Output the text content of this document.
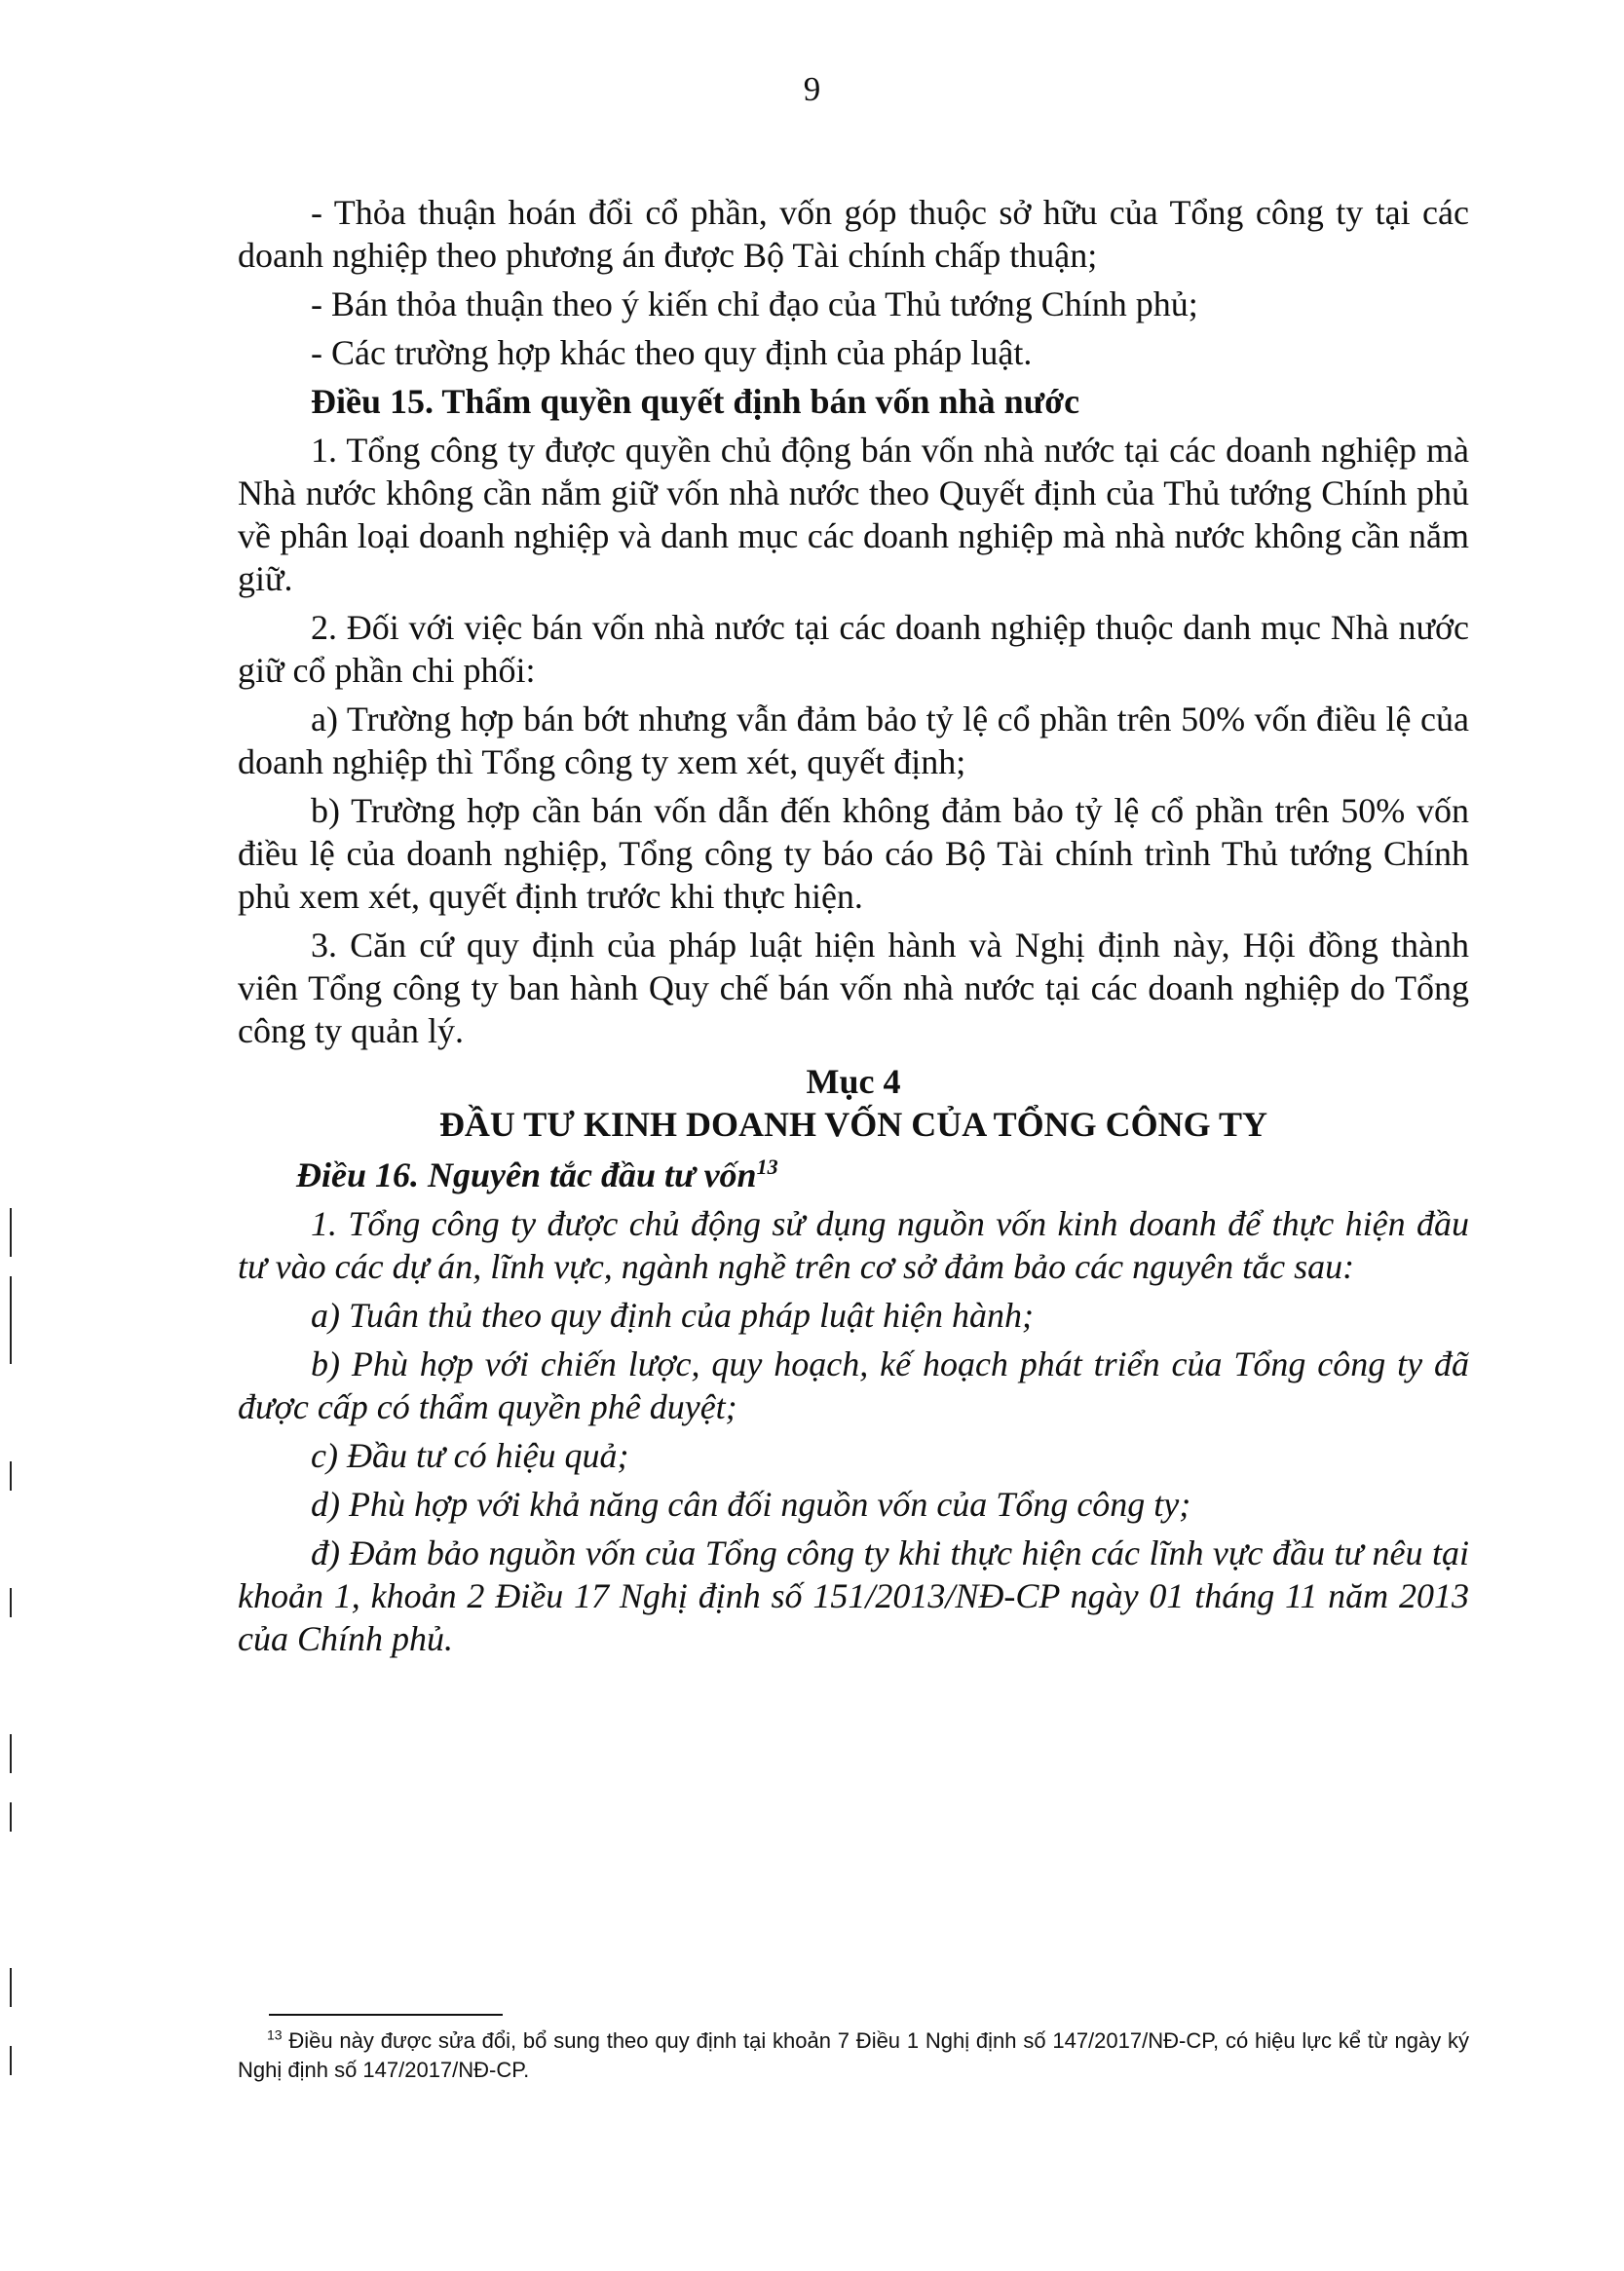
9

- Thỏa thuận hoán đổi cổ phần, vốn góp thuộc sở hữu của Tổng công ty tại các doanh nghiệp theo phương án được Bộ Tài chính chấp thuận;

- Bán thỏa thuận theo ý kiến chỉ đạo của Thủ tướng Chính phủ;

- Các trường hợp khác theo quy định của pháp luật.

Điều 15. Thẩm quyền quyết định bán vốn nhà nước

1. Tổng công ty được quyền chủ động bán vốn nhà nước tại các doanh nghiệp mà Nhà nước không cần nắm giữ vốn nhà nước theo Quyết định của Thủ tướng Chính phủ về phân loại doanh nghiệp và danh mục các doanh nghiệp mà nhà nước không cần nắm giữ.

2. Đối với việc bán vốn nhà nước tại các doanh nghiệp thuộc danh mục Nhà nước giữ cổ phần chi phối:

a) Trường hợp bán bớt nhưng vẫn đảm bảo tỷ lệ cổ phần trên 50% vốn điều lệ của doanh nghiệp thì Tổng công ty xem xét, quyết định;

b) Trường hợp cần bán vốn dẫn đến không đảm bảo tỷ lệ cổ phần trên 50% vốn điều lệ của doanh nghiệp, Tổng công ty báo cáo Bộ Tài chính trình Thủ tướng Chính phủ xem xét, quyết định trước khi thực hiện.

3. Căn cứ quy định của pháp luật hiện hành và Nghị định này, Hội đồng thành viên Tổng công ty ban hành Quy chế bán vốn nhà nước tại các doanh nghiệp do Tổng công ty quản lý.

Mục 4

ĐẦU TƯ KINH DOANH VỐN CỦA TỔNG CÔNG TY

Điều 16. Nguyên tắc đầu tư vốn$^{13}$

1. Tổng công ty được chủ động sử dụng nguồn vốn kinh doanh để thực hiện đầu tư vào các dự án, lĩnh vực, ngành nghề trên cơ sở đảm bảo các nguyên tắc sau:

a) Tuân thủ theo quy định của pháp luật hiện hành;

b) Phù hợp với chiến lược, quy hoạch, kế hoạch phát triển của Tổng công ty đã được cấp có thẩm quyền phê duyệt;

c) Đầu tư có hiệu quả;

d) Phù hợp với khả năng cân đối nguồn vốn của Tổng công ty;

đ) Đảm bảo nguồn vốn của Tổng công ty khi thực hiện các lĩnh vực đầu tư nêu tại khoản 1, khoản 2 Điều 17 Nghị định số 151/2013/NĐ-CP ngày 01 tháng 11 năm 2013 của Chính phủ.

$^{13}$ Điều này được sửa đổi, bổ sung theo quy định tại khoản 7 Điều 1 Nghị định số 147/2017/NĐ-CP, có hiệu lực kể từ ngày ký Nghị định số 147/2017/NĐ-CP.
